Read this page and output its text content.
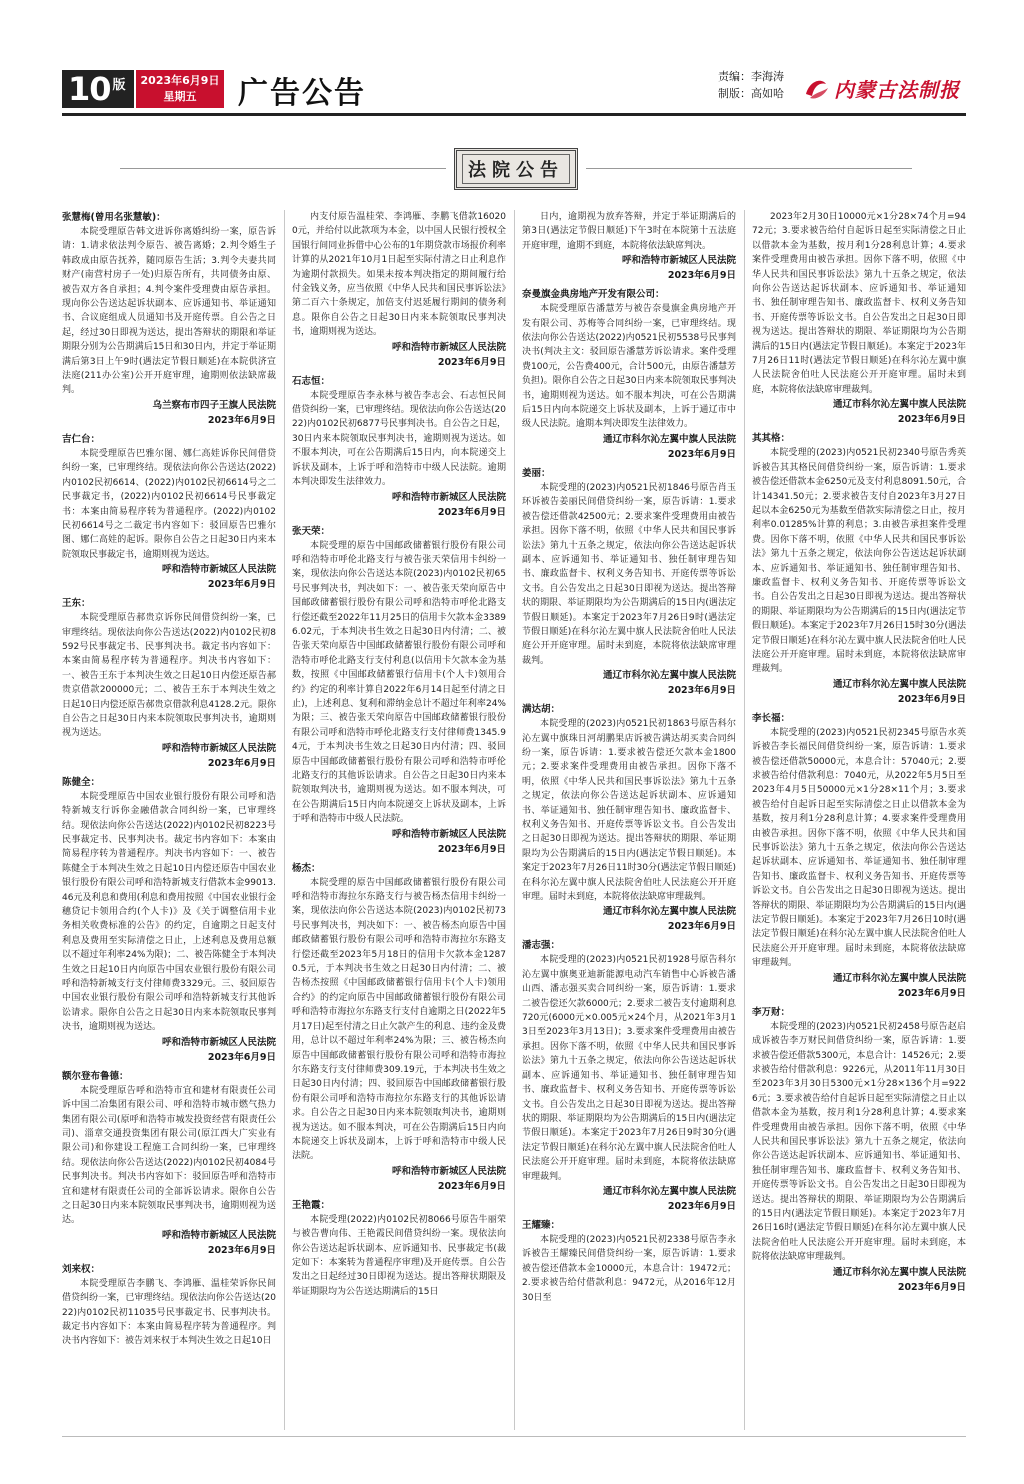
10 版 2023年6月9日
星期五 广告公告	责编：李海涛
制版：高如哈	内蒙古法制报
法院公告
张慧梅(曾用名张慧敏)：
本院受理原告韩文进诉你离婚纠纷一案，原告诉请：1.请求依法判令原告、被告离婚；2.判令婚生子韩政成由原告抚养，随同原告生活；3.判令夫妻共同财产(南营村房子一处)归原告所有，共同债务由原、被告双方各自承担；4.判令案件受理费由原告承担。现向你公告送达起诉状副本、应诉通知书、举证通知书、合议庭组成人员通知书及开庭传票。自公告之日起，经过30日即视为送达，提出答辩状的期限和举证期限分别为公告期满后15日和30日内，并定于举证期满后第3日上午9时(遇法定节假日顺延)在本院供济宣法庭(211办公室)公开开庭审理，逾期则依法缺席裁判。
乌兰察布市四子王旗人民法院
2023年6月9日
吉仁台：
本院受理原告巴雅尔图、娜仁高娃诉你民间借贷纠纷一案，已审理终结。现依法向你公告送达(2022)内0102民初6614、(2022)内0102民初6614号之二民事裁定书，(2022)内0102民初6614号民事裁定书：本案由简易程序转为普通程序。(2022)内0102民初6614号之二裁定书内容如下：驳回原告巴雅尔图、娜仁高娃的起诉。限你自公告之日起30日内来本院领取民事裁定书，逾期则视为送达。
呼和浩特市新城区人民法院
2023年6月9日
王东：
本院受理原告郝贵京诉你民间借贷纠纷一案，已审理终结。现依法向你公告送达(2022)内0102民初8592号民事裁定书、民事判决书。裁定书内容如下：本案由简易程序转为普通程序。判决书内容如下：一、被告王东于本判决生效之日起10日内偿还原告郝贵京借款200000元；二、被告王东于本判决生效之日起10日内偿还原告郝贵京借款利息4128.2元。限你自公告之日起30日内来本院领取民事判决书，逾期则视为送达。
呼和浩特市新城区人民法院
2023年6月9日
陈健全：
本院受理原告中国农业银行股份有限公司呼和浩特新城支行诉你金融借款合同纠纷一案，已审理终结。现依法向你公告送达(2022)内0102民初8223号民事裁定书、民事判决书。裁定书内容如下：本案由简易程序转为普通程序。判决书内容如下：一、被告陈健全于本判决生效之日起10日内偿还原告中国农业银行股份有限公司呼和浩特新城支行借款本金99013.46元及利息和费用(利息和费用按照《中国农业银行金穗贷记卡领用合约(个人卡)》及《关于调整信用卡业务相关收费标准的公告》的约定，自逾期之日起支付利息及费用至实际清偿之日止，上述利息及费用总额以不超过年利率24%为限)；二、被告陈健全于本判决生效之日起10日内向原告中国农业银行股份有限公司呼和浩特新城支行支付律师费3329元。三、驳回原告中国农业银行股份有限公司呼和浩特新城支行其他诉讼请求。限你自公告之日起30日内来本院领取民事判决书，逾期则视为送达。
呼和浩特市新城区人民法院
2023年6月9日
额尔登布鲁德：
本院受理原告呼和浩特市宜和建材有限责任公司诉中国二冶集团有限公司、呼和浩特市城市燃气热力集团有限公司(原呼和浩特市城发投资经营有限责任公司)、淄章交通投资集团有限公司(原江西大广实业有限公司)和你建设工程施工合同纠纷一案，已审理终结。现依法向你公告送达(2022)内0102民初4084号民事判决书。判决书内容如下：驳回原告呼和浩特市宜和建材有限责任公司的全部诉讼请求。限你自公告之日起30日内来本院领取民事判决书，逾期则视为送达。
呼和浩特市新城区人民法院
2023年6月9日
刘来权：
本院受理原告李鹏飞、李鸿雁、温桂荣诉你民间借贷纠纷一案，已审理终结。现依法向你公告送达(2022)内0102民初11035号民事裁定书、民事判决书。裁定书内容如下：本案由简易程序转为普通程序。判决书内容如下：被告刘来权于本判决生效之日起10日
内支付原告温桂荣、李鸿雁、李鹏飞借款160200元，并给付以此款项为本金，以中国人民银行授权全国银行间同业拆借中心公布的1年期贷款市场报价利率计算的从2021年10月1日起至实际付清之日止利息作为逾期付款损失。如果未按本判决指定的期间履行给付金钱义务，应当依照《中华人民共和国民事诉讼法》第二百六十条规定，加倍支付迟延履行期间的债务利息。限你自公告之日起30日内来本院领取民事判决书，逾期则视为送达。
呼和浩特市新城区人民法院
2023年6月9日
石志恒：
本院受理原告李永林与被告李志会、石志恒民间借贷纠纷一案，已审理终结。现依法向你公告送达(2022)内0102民初6877号民事判决书。自公告之日起，30日内来本院领取民事判决书，逾期则视为送达。如不服本判决，可在公告期满后15日内，向本院递交上诉状及副本，上诉于呼和浩特市中级人民法院。逾期本判决即发生法律效力。
呼和浩特市新城区人民法院
2023年6月9日
张天荣：
本院受理的原告中国邮政储蓄银行股份有限公司呼和浩特市呼伦北路支行与被告张天荣信用卡纠纷一案，现依法向你公告送达本院(2023)内0102民初65号民事判决书，判决如下：一、被告张天荣向原告中国邮政储蓄银行股份有限公司呼和浩特市呼伦北路支行偿还截至2022年11月25日的信用卡欠款本金33896.02元，于本判决书生效之日起30日内付清；二、被告张天荣向原告中国邮政储蓄银行股份有限公司呼和浩特市呼伦北路支行支付利息(以信用卡欠款本金为基数，按照《中国邮政储蓄银行信用卡(个人卡)领用合约》约定的利率计算自2022年6月14日起至付清之日止)，上述利息、复利和滞纳金总计不超过年利率24%为限；三、被告张天荣向原告中国邮政储蓄银行股份有限公司呼和浩特市呼伦北路支行支付律师费1345.94元，于本判决书生效之日起30日内付清；四、驳回原告中国邮政储蓄银行股份有限公司呼和浩特市呼伦北路支行的其他诉讼请求。自公告之日起30日内来本院领取判决书，逾期则视为送达。如不服本判决，可在公告期满后15日内向本院递交上诉状及副本，上诉于呼和浩特市中级人民法院。
呼和浩特市新城区人民法院
2023年6月9日
杨杰：
本院受理的原告中国邮政储蓄银行股份有限公司呼和浩特市海拉尔东路支行与被告杨杰信用卡纠纷一案，现依法向你公告送达本院(2023)内0102民初73号民事判决书，判决如下：一、被告杨杰向原告中国邮政储蓄银行股份有限公司呼和浩特市海拉尔东路支行偿还截至2023年5月18日的信用卡欠款本金12870.5元，于本判决书生效之日起30日内付清；二、被告杨杰按照《中国邮政储蓄银行信用卡(个人卡)领用合约》的约定向原告中国邮政储蓄银行股份有限公司呼和浩特市海拉尔东路支行支付自逾期之日(2022年5月17日)起至付清之日止欠款产生的利息、违约金及费用，总计以不超过年利率24%为限；三、被告杨杰向原告中国邮政储蓄银行股份有限公司呼和浩特市海拉尔东路支行支付律师费309.19元，于本判决书生效之日起30日内付清；四、驳回原告中国邮政储蓄银行股份有限公司呼和浩特市海拉尔东路支行的其他诉讼请求。自公告之日起30日内来本院领取判决书，逾期则视为送达。如不服本判决，可在公告期满后15日内向本院递交上诉状及副本，上诉于呼和浩特市中级人民法院。
呼和浩特市新城区人民法院
2023年6月9日
王艳霞：
本院受理(2022)内0102民初8066号原告牛丽荣与被告曹向伟、王艳霞民间借贷纠纷一案。现依法向你公告送达起诉状副本、应诉通知书、民事裁定书(裁定如下：本案转为普通程序审理)及开庭传票。自公告发出之日起经过30日即视为送达。提出答辩状期限及举证期限均为公告送达期满后的15日
日内，逾期视为放弃答辩，并定于举证期满后的第3日(遇法定节假日顺延)下午3时在本院第十五法庭开庭审理，逾期不到庭，本院将依法缺席判决。
呼和浩特市新城区人民法院
2023年6月9日
奈曼旗金典房地产开发有限公司：
本院受理原告潘慧芳与被告奈曼旗金典房地产开发有限公司、苏梅等合同纠纷一案，已审理终结。现依法向你公告送达(2022)内0521民初5538号民事判决书(判决主文：驳回原告潘慧芳诉讼请求。案件受理费100元，公告费400元，合计500元，由原告潘慧芳负担)。限你自公告之日起30日内来本院领取民事判决书，逾期则视为送达。如不服本判决，可在公告期满后15日内向本院递交上诉状及副本，上诉于通辽市中级人民法院。逾期本判决即发生法律效力。
通辽市科尔沁左翼中旗人民法院
2023年6月9日
姜丽：
本院受理的(2023)内0521民初1846号原告肖玉环诉被告姜丽民间借贷纠纷一案，原告诉请：1.要求被告偿还借款42500元；2.要求案件受理费用由被告承担。因你下落不明，依照《中华人民共和国民事诉讼法》第九十五条之规定，依法向你公告送达起诉状副本、应诉通知书、举证通知书、独任制审理告知书、廉政监督卡、权利义务告知书、开庭传票等诉讼文书。自公告发出之日起30日即视为送达。提出答辩状的期限、举证期限均为公告期满后的15日内(遇法定节假日顺延)。本案定于2023年7月26日9时(遇法定节假日顺延)在科尔沁左翼中旗人民法院舍伯吐人民法庭公开开庭审理。届时未到庭，本院将依法缺席审理裁判。
通辽市科尔沁左翼中旗人民法院
2023年6月9日
满达胡：
本院受理的(2023)内0521民初1863号原告科尔沁左翼中旗珠日河胡鹏果店诉被告满达胡买卖合同纠纷一案，原告诉请：1.要求被告偿还欠款本金1800元；2.要求案件受理费用由被告承担。因你下落不明，依照《中华人民共和国民事诉讼法》第九十五条之规定，依法向你公告送达起诉状副本、应诉通知书、举证通知书、独任制审理告知书、廉政监督卡、权利义务告知书、开庭传票等诉讼文书。自公告发出之日起30日即视为送达。提出答辩状的期限、举证期限均为公告期满后的15日内(遇法定节假日顺延)。本案定于2023年7月26日11时30分(遇法定节假日顺延)在科尔沁左翼中旗人民法院舍伯吐人民法庭公开开庭审理。届时未到庭，本院将依法缺席审理裁判。
通辽市科尔沁左翼中旗人民法院
2023年6月9日
潘志强：
本院受理的(2023)内0521民初1928号原告科尔沁左翼中旗奥亚迪新能源电动汽车销售中心诉被告潘山西、潘志强买卖合同纠纷一案，原告诉请：1.要求二被告偿还欠款6000元；2.要求二被告支付逾期利息720元(6000元×0.005元×24个月，从2021年3月13日至2023年3月13日)；3.要求案件受理费用由被告承担。因你下落不明，依照《中华人民共和国民事诉讼法》第九十五条之规定，依法向你公告送达起诉状副本、应诉通知书、举证通知书、独任制审理告知书、廉政监督卡、权利义务告知书、开庭传票等诉讼文书。自公告发出之日起30日即视为送达。提出答辩状的期限、举证期限均为公告期满后的15日内(遇法定节假日顺延)。本案定于2023年7月26日9时30分(遇法定节假日顺延)在科尔沁左翼中旗人民法院舍伯吐人民法庭公开开庭审理。届时未到庭，本院将依法缺席审理裁判。
通辽市科尔沁左翼中旗人民法院
2023年6月9日
王耀臻：
本院受理的(2023)内0521民初2338号原告李永诉被告王耀臻民间借贷纠纷一案，原告诉请：1.要求被告偿还借款本金10000元，本息合计：19472元；2.要求被告给付借款利息：9472元，从2016年12月30日至
2023年2月30日10000元×1分28×74个月=9472元；3.要求被告给付自起诉日起至实际清偿之日止以借款本金为基数，按月利1分28利息计算；4.要求案件受理费用由被告承担。因你下落不明，依照《中华人民共和国民事诉讼法》第九十五条之规定，依法向你公告送达起诉状副本、应诉通知书、举证通知书、独任制审理告知书、廉政监督卡、权利义务告知书、开庭传票等诉讼文书。自公告发出之日起30日即视为送达。提出答辩状的期限、举证期限均为公告期满后的15日内(遇法定节假日顺延)。本案定于2023年7月26日11时(遇法定节假日顺延)在科尔沁左翼中旗人民法院舍伯吐人民法庭公开开庭审理。届时未到庭，本院将依法缺席审理裁判。
通辽市科尔沁左翼中旗人民法院
2023年6月9日
其其格：
本院受理的(2023)内0521民初2340号原告秀英诉被告其其格民间借贷纠纷一案，原告诉请：1.要求被告偿还借款本金6250元及支付利息8091.50元，合计14341.50元；2.要求被告支付自2023年3月27日起以本金6250元为基数至借款实际清偿之日止，按月利率0.01285%计算的利息；3.由被告承担案件受理费。因你下落不明，依照《中华人民共和国民事诉讼法》第九十五条之规定，依法向你公告送达起诉状副本、应诉通知书、举证通知书、独任制审理告知书、廉政监督卡、权利义务告知书、开庭传票等诉讼文书。自公告发出之日起30日即视为送达。提出答辩状的期限、举证期限均为公告期满后的15日内(遇法定节假日顺延)。本案定于2023年7月26日15时30分(遇法定节假日顺延)在科尔沁左翼中旗人民法院舍伯吐人民法庭公开开庭审理。届时未到庭，本院将依法缺席审理裁判。
通辽市科尔沁左翼中旗人民法院
2023年6月9日
李长福：
本院受理的(2023)内0521民初2345号原告水英诉被告李长福民间借贷纠纷一案，原告诉请：1.要求被告偿还借款50000元，本息合计：57040元；2.要求被告给付借款利息：7040元，从2022年5月5日至2023年4月5日50000元×1分28×11个月；3.要求被告给付自起诉日起至实际清偿之日止以借款本金为基数，按月利1分28利息计算；4.要求案件受理费用由被告承担。因你下落不明，依照《中华人民共和国民事诉讼法》第九十五条之规定，依法向你公告送达起诉状副本、应诉通知书、举证通知书、独任制审理告知书、廉政监督卡、权利义务告知书、开庭传票等诉讼文书。自公告发出之日起30日即视为送达。提出答辩状的期限、举证期限均为公告期满后的15日内(遇法定节假日顺延)。本案定于2023年7月26日10时(遇法定节假日顺延)在科尔沁左翼中旗人民法院舍伯吐人民法庭公开开庭审理。届时未到庭，本院将依法缺席审理裁判。
通辽市科尔沁左翼中旗人民法院
2023年6月9日
李万财：
本院受理的(2023)内0521民初2458号原告赵启成诉被告李万财民间借贷纠纷一案，原告诉请：1.要求被告偿还借款5300元，本息合计：14526元；2.要求被告给付借款利息：9226元，从2011年11月30日至2023年3月30日5300元×1分28×136个月=9226元；3.要求被告给付自起诉日起至实际清偿之日止以借款本金为基数，按月利1分28利息计算；4.要求案件受理费用由被告承担。因你下落不明，依照《中华人民共和国民事诉讼法》第九十五条之规定，依法向你公告送达起诉状副本、应诉通知书、举证通知书、独任制审理告知书、廉政监督卡、权利义务告知书、开庭传票等诉讼文书。自公告发出之日起30日即视为送达。提出答辩状的期限、举证期限均为公告期满后的15日内(遇法定节假日顺延)。本案定于2023年7月26日16时(遇法定节假日顺延)在科尔沁左翼中旗人民法院舍伯吐人民法庭公开开庭审理。届时未到庭，本院将依法缺席审理裁判。
通辽市科尔沁左翼中旗人民法院
2023年6月9日
